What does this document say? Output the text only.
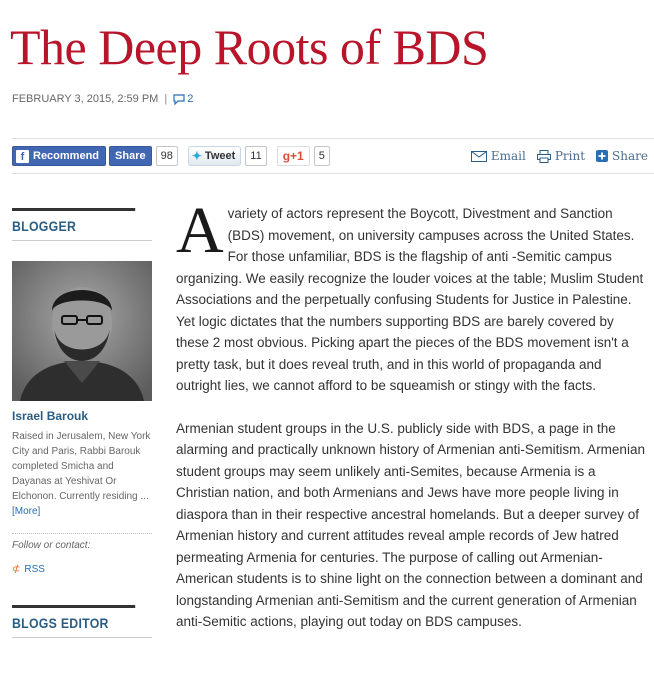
The Deep Roots of BDS
FEBRUARY 3, 2015, 2:59 PM | 2
f Recommend	Share	98	✦ Tweet	11	g+1	5	Email Print Share
BLOGGER
Israel Barouk
Raised in Jerusalem, New York City and Paris, Rabbi Barouk completed Smicha and Dayanas at Yeshivat Or Elchonon. Currently residing ... [More]
Follow or contact:
⊄ RSS
BLOGS EDITOR

Avariety of actors represent the Boycott, Divestment and Sanction (BDS) movement, on university campuses across the United States. For those unfamiliar, BDS is the flagship of anti -Semitic campus organizing. We easily recognize the louder voices at the table; Muslim Student Associations and the perpetually confusing Students for Justice in Palestine. Yet logic dictates that the numbers supporting BDS are barely covered by these 2 most obvious. Picking apart the pieces of the BDS movement isn't a pretty task, but it does reveal truth, and in this world of propaganda and outright lies, we cannot afford to be squeamish or stingy with the facts.

Armenian student groups in the U.S. publicly side with BDS, a page in the alarming and practically unknown history of Armenian anti-Semitism. Armenian student groups may seem unlikely anti-Semites, because Armenia is a Christian nation, and both Armenians and Jews have more people living in diaspora than in their respective ancestral homelands. But a deeper survey of Armenian history and current attitudes reveal ample records of Jew hatred permeating Armenia for centuries. The purpose of calling out Armenian-American students is to shine light on the connection between a dominant and longstanding Armenian anti-Semitism and the current generation of Armenian anti-Semitic actions, playing out today on BDS campuses.
